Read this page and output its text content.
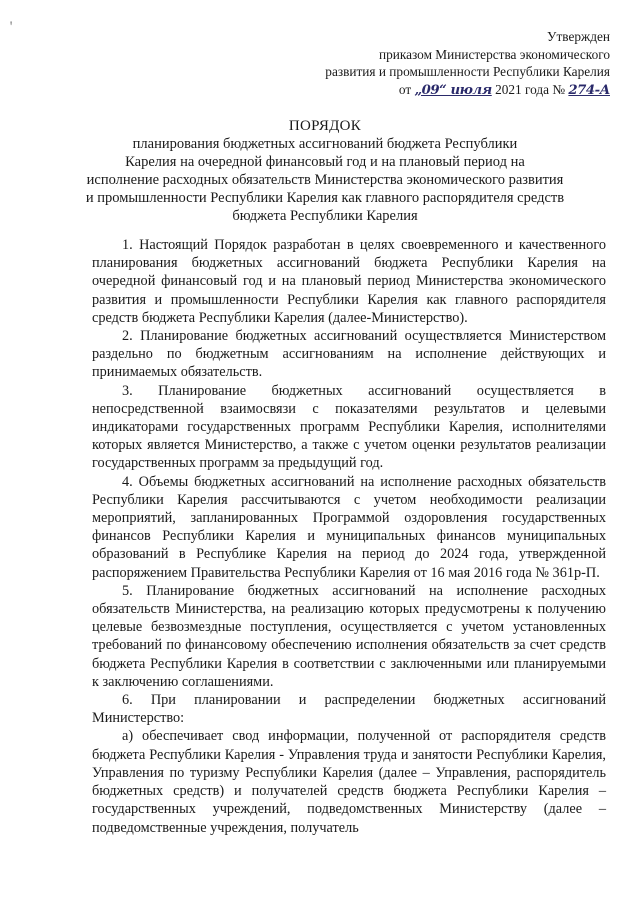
ꞌ
Утвержден
приказом Министерства экономического
развития и промышленности Республики Карелия
от „09“ июля 2021 года № 274-А
ПОРЯДОК
планирования бюджетных ассигнований бюджета Республики
Карелия на очередной финансовый год и на плановый период на
исполнение расходных обязательств Министерства экономического развития
и промышленности Республики Карелия как главного распорядителя средств
бюджета Республики Карелия

1. Настоящий Порядок разработан в целях своевременного и качественного планирования бюджетных ассигнований бюджета Республики Карелия на очередной финансовый год и на плановый период Министерства экономического развития и промышленности Республики Карелия как главного распорядителя средств бюджета Республики Карелия (далее-Министерство).

2. Планирование бюджетных ассигнований осуществляется Министерством раздельно по бюджетным ассигнованиям на исполнение действующих и принимаемых обязательств.

3. Планирование бюджетных ассигнований осуществляется в непосредственной взаимосвязи с показателями результатов и целевыми индикаторами государственных программ Республики Карелия, исполнителями которых является Министерство, а также с учетом оценки результатов реализации государственных программ за предыдущий год.

4. Объемы бюджетных ассигнований на исполнение расходных обязательств Республики Карелия рассчитываются с учетом необходимости реализации мероприятий, запланированных Программой оздоровления государственных финансов Республики Карелия и муниципальных финансов муниципальных образований в Республике Карелия на период до 2024 года, утвержденной распоряжением Правительства Республики Карелия от 16 мая 2016 года № 361р-П.

5. Планирование бюджетных ассигнований на исполнение расходных обязательств Министерства, на реализацию которых предусмотрены к получению целевые безвозмездные поступления, осуществляется с учетом установленных требований по финансовому обеспечению исполнения обязательств за счет средств бюджета Республики Карелия в соответствии с заключенными или планируемыми к заключению соглашениями.

6. При планировании и распределении бюджетных ассигнований Министерство:

а) обеспечивает свод информации, полученной от распорядителя средств бюджета Республики Карелия - Управления труда и занятости Республики Карелия, Управления по туризму Республики Карелия (далее – Управления, распорядитель бюджетных средств) и получателей средств бюджета Республики Карелия – государственных учреждений, подведомственных Министерству (далее – подведомственные учреждения, получатель
